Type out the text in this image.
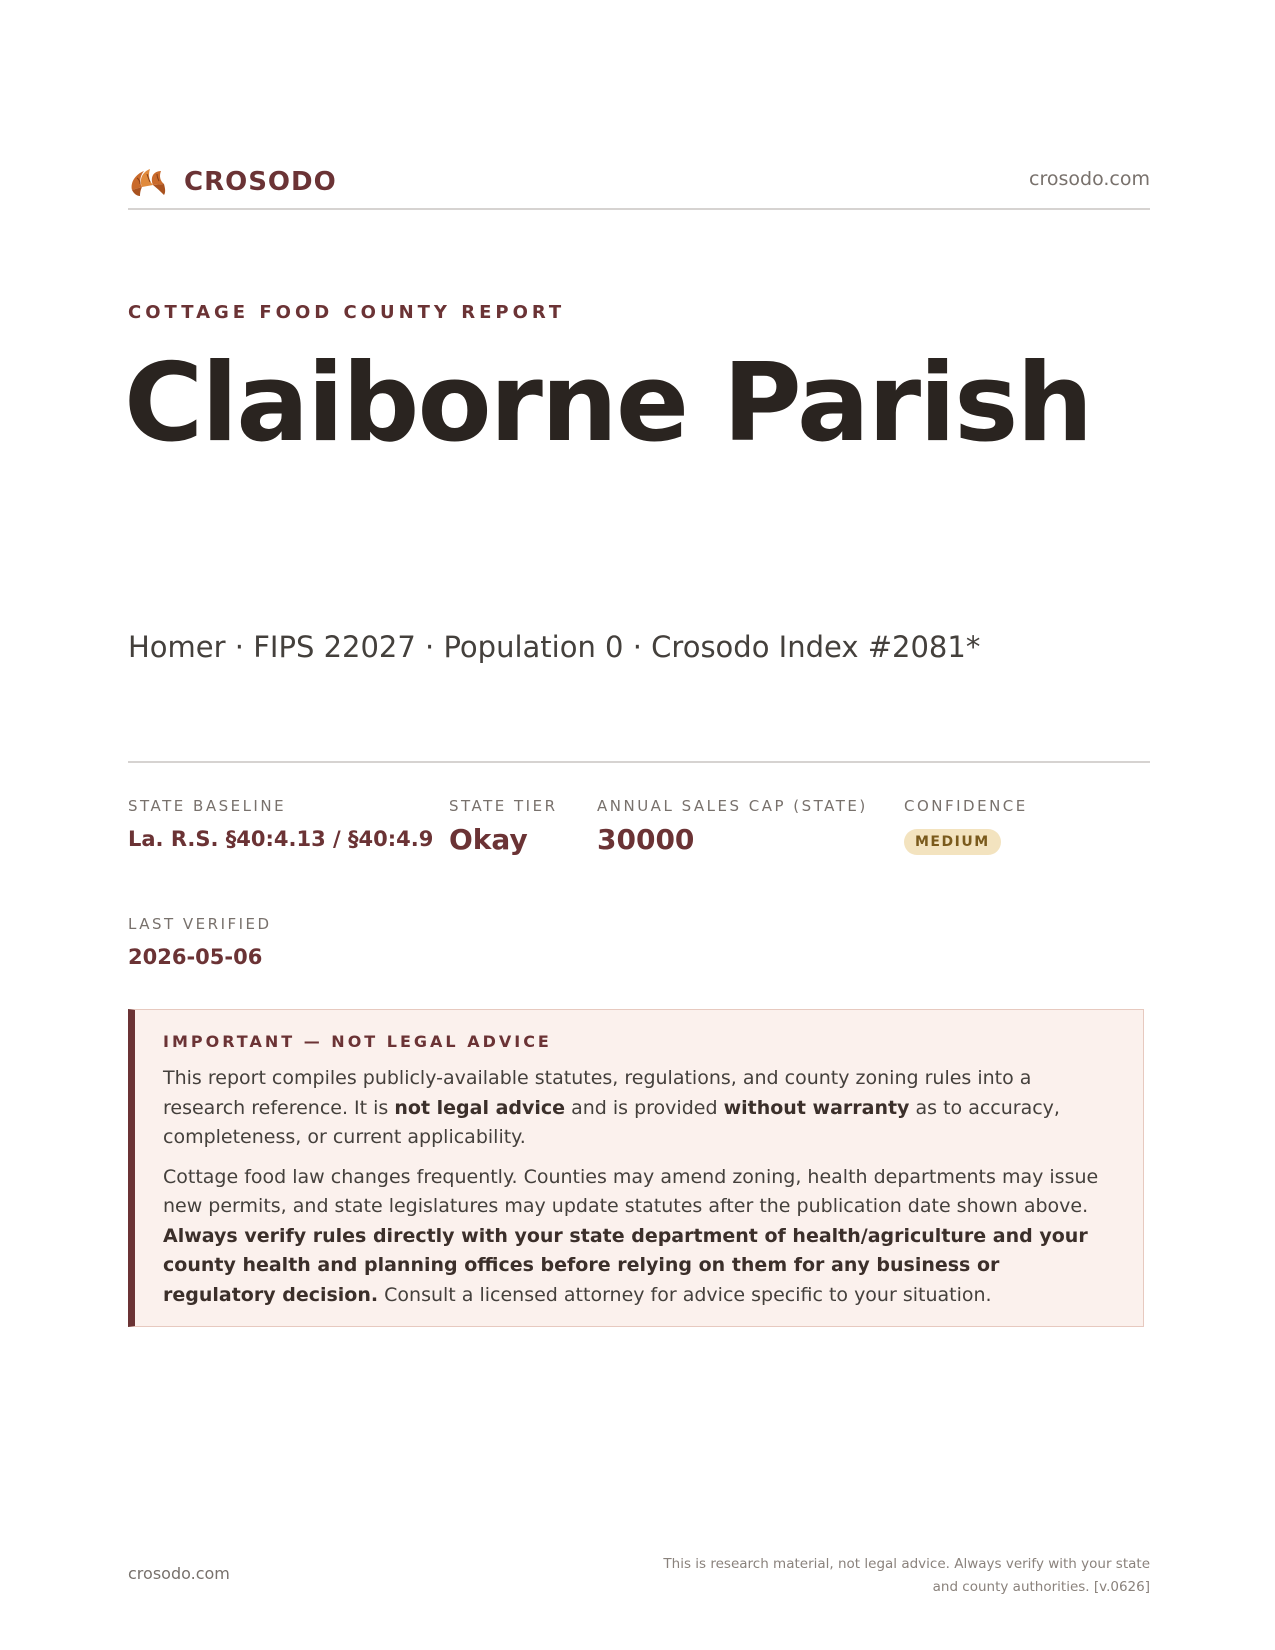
CROSODO	crosodo.com
COTTAGE FOOD COUNTY REPORT
Claiborne Parish
Homer · FIPS 22027 · Population 0 · Crosodo Index #2081*
STATE BASELINE
La. R.S. §40:4.13 / §40:4.9
STATE TIER
Okay
ANNUAL SALES CAP (STATE)
30000
CONFIDENCE
MEDIUM
LAST VERIFIED
2026-05-06
IMPORTANT — NOT LEGAL ADVICE

This report compiles publicly-available statutes, regulations, and county zoning rules into a research reference. It is not legal advice and is provided without warranty as to accuracy, completeness, or current applicability.

Cottage food law changes frequently. Counties may amend zoning, health departments may issue new permits, and state legislatures may update statutes after the publication date shown above. Always verify rules directly with your state department of health/agriculture and your county health and planning offices before relying on them for any business or regulatory decision. Consult a licensed attorney for advice specific to your situation.

crosodo.com	This is research material, not legal advice. Always verify with your state
and county authorities. [v.0626]
